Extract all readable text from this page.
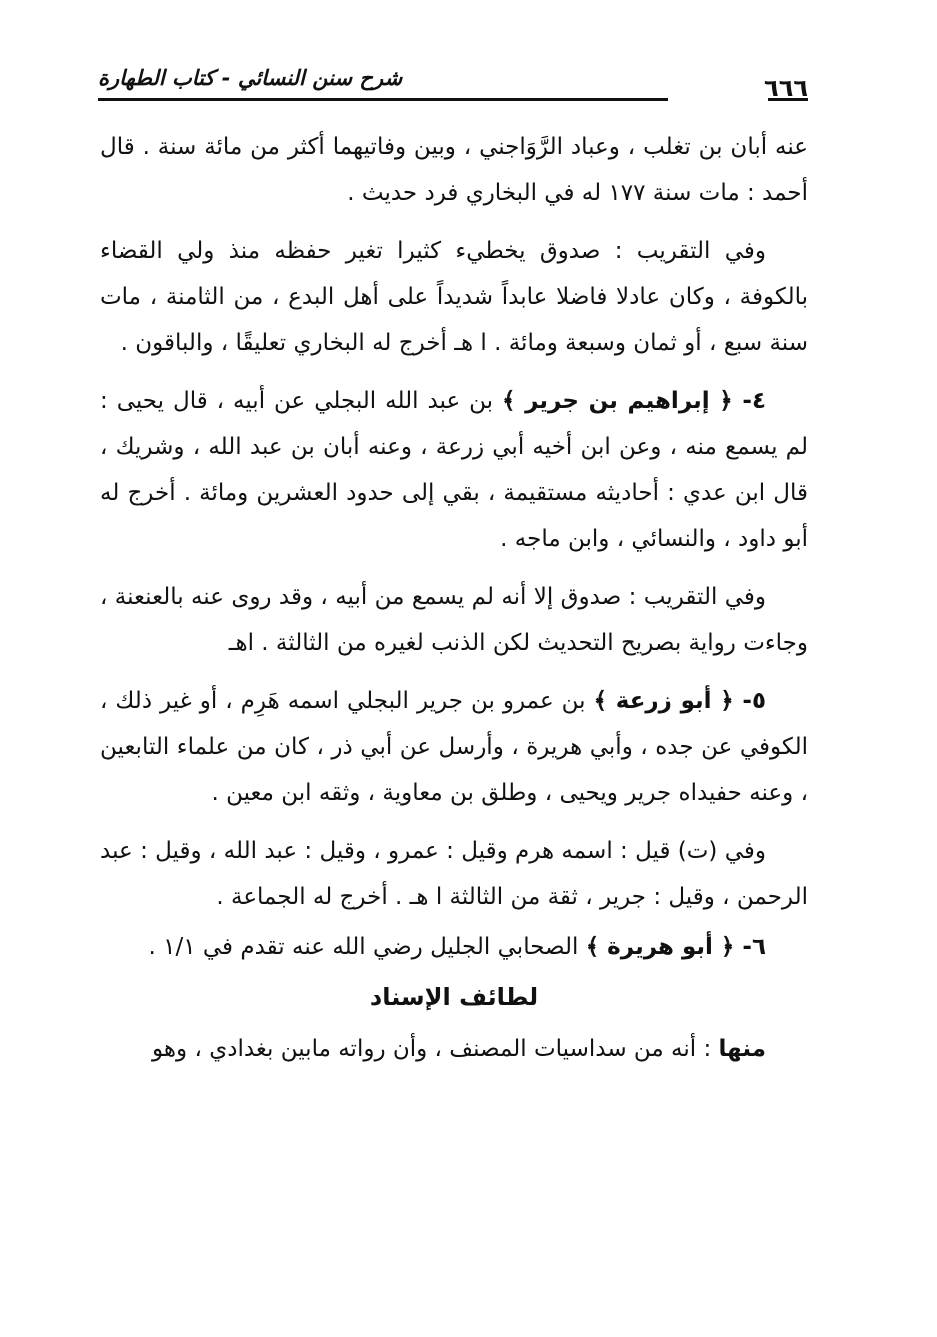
٦٦٦
شرح سنن النسائي - كتاب الطهارة

عنه أبان بن تغلب ، وعباد الرَّوَاجني ، وبين وفاتيهما أكثر من مائة سنة . قال أحمد : مات سنة ١٧٧ له في البخاري فرد حديث .

وفي التقريب : صدوق يخطيء كثيرا تغير حفظه منذ ولي القضاء بالكوفة ، وكان عادلا فاضلا عابداً شديداً على أهل البدع ، من الثامنة ، مات سنة سبع ، أو ثمان وسبعة ومائة . ا هـ أخرج له البخاري تعليقًا ، والباقون .

٤- ﴿ إبراهيم بن جرير ﴾ بن عبد الله البجلي عن أبيه ، قال يحيى : لم يسمع منه ، وعن ابن أخيه أبي زرعة ، وعنه أبان بن عبد الله ، وشريك ، قال ابن عدي : أحاديثه مستقيمة ، بقي إلى حدود العشرين ومائة . أخرج له أبو داود ، والنسائي ، وابن ماجه .

وفي التقريب : صدوق إلا أنه لم يسمع من أبيه ، وقد روى عنه بالعنعنة ، وجاءت رواية بصريح التحديث لكن الذنب لغيره من الثالثة . اهـ

٥- ﴿ أبو زرعة ﴾ بن عمرو بن جرير البجلي اسمه هَرِم ، أو غير ذلك ، الكوفي عن جده ، وأبي هريرة ، وأرسل عن أبي ذر ، كان من علماء التابعين ، وعنه حفيداه جرير ويحيى ، وطلق بن معاوية ، وثقه ابن معين .

وفي (ت) قيل : اسمه هرم وقيل : عمرو ، وقيل : عبد الله ، وقيل : عبد الرحمن ، وقيل : جرير ، ثقة من الثالثة ا هـ . أخرج له الجماعة .

٦- ﴿ أبو هريرة ﴾ الصحابي الجليل رضي الله عنه تقدم في ١/١ .

لطائف الإسناد

منها : أنه من سداسيات المصنف ، وأن رواته مابين بغدادي ، وهو
